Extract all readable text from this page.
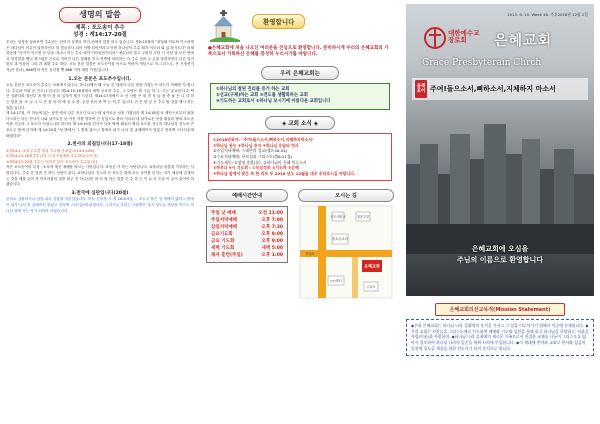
생명의 말씀
제목 : 포도송이 추수
성경 : 계14:17-20절
우리는 성경을 살펴보면 추수라는 단어가 성경의 여러 곳에서 말씀 하고 있습니다. 창5:23절에 "첫열매 이로써 이스라엘은 하나님이 이같이 말씀하신다 말 법들한다 되어 이방 디아이라고 이런 하나님이 추수 때가 이르러 와 있 하시도다" 마태복음에 "곡식이 익으면 곧 낫을 대나니 이는 추수 때가 이르렀음이니라" 예수님의 말고 주변한 사람 시 사람 날 모든 면에서 성경말을 했던 영스럽은 곤소로 이어진 다른 열매를 이고 전병에 의미하는 각 추수 준비 등 손를 말씀하신다 다른 일이 맛보 과 익음의 그라 과 데를 추수 하다. 오늘 본문 말씀은 포도송이를 익으로 먹어야 개념으로 적-그리스도, 큰 거짓선지자(큰 음녀), 666명의 적은 음녀를 쫓 666 기하 계를 가진(입니다.
1.오는 본문은 포도추수입니다.
오늘 본문은 포도송이 추수는 보좌게시입니다. 하나님께서 왜 오늘 본 걸에서 다른 항을 거쳤는가 하는가 이해를 지 합니다. 추수의 이뤄 준 곤고나 입니다. 계14:15-16절에서 핍박 공포의 추수, 그 모양은 흰 구름 하 그. 추는 공교의 다수 떡 큰 심판다라 장신부 을 명 어 장 의 입각이 제시 드린다. 계14:17절에서 오 신 사람 큰 대 천 사 들 장 중 날 은 니 다 하 는 성전 을. 포 나 그 도 큰 을 의 어 예 성 수 를. 공경 신의 중 여 는 의 추 입니다. 큰 인 면 앞 은 추수 할 것을 제시 하는 말씀 입니다.
계 14:17절, 이 하늘에 있는 성전 에서 다른 천사가 나오는데 날카로운 낫을 가졌더라 계 14:18절 또 제단으로부터 불을 다스리는 다른 천사가 나와 날카로운 낫 가진 자를 향하여 큰 음성으로 불러 이르되 네 날카로운 낫을 휘둘러 땅의 포도송이를 거두라 그 포도가 익었느니라 하더라 계 14:19절 천사가 낫을 땅에 휘둘러 땅의 포도를 거두어 하나님의 진노의 큰 포도주 틀에 던지매 계 14:20절 "성 밖에서 그 틀을 밟으니 틀에서 피가 나서 말 굴레에까지 닿았고 천육백 스다디온에 퍼졌더라"
2.천사의 외침있니다(17-18절)
①계14:1 -5절 추수한 결과 추수할 가치었고(14:4,100).
②계14:13-16절추수입하 니 알곡열매를 추수하고(오곡자).
③계14:17-20절-추수는 익어진 알곡 포도송이 추수입니다.
적은 포도송이의 특징 - ①모여 계신 예배를 따르는 사람입니다. ②성공 가 하는 사람입니다. ③하나님 말씀을 거부하는 사람입니다. 추수 은 말씀 가 하는 사람이 된다. ④하나님의 진노의 큰 포도주 틀에 포도 송이를 던지는 자가 세상에 존재하는 것을 예를 들어 하 아브라함의 말씀 원주 전 하나님의 참 지 정 하는 말씀 추 수 하 는 이 들 의 모습 이 들이 있어야 하겠습니다.
3.천국에 심판입니다(20절)
공의로 심판하시나 엄청 피의 강물을 하신일입니다. 하늘 선지자 시 계 16:8-9절 ... 포도주 틀은 성 밖에서 밟히니 틀에서 피가 나서 말 굴레까지 닿았고 천육백 스다디온에 퍼졌더라. 그러므로 우리는 구원받은 알곡 성도로 세상을 이기고 하나님 앞에 서는 자가 되어야 하겠습니다.
환영합니다
●은혜교회에 처음 나오신 여러분을 진심으로 환영합니다. 준비하시게 우리의 은혜교회의 가족으로서 거룩하신 은혜를 풍성히 누리시기를 바랍니다.
우리 은혜교회는
①하나님의 참된 진리를 증거 하는 교회
②선교(구제)하는 교회 ③전도를 생활화하는 교회
④기도하는 교회로서 ⑤하나님 보시기에 아름다운 교회입니다
◈ 교회 소식 ◈
①2018년표어: "주여!돌으소서,뼈하소서,지체하지마소서"
②하나님 권능 ③하나님 증거 ④하나님 응답의 역사
②주일저녁예배: 스데반의 설교(행7:40-44)
③수요저녁예배: 부르심과 그리스도(엡6:21절)
④기도제목: ①생명 총환(몸), ②하나님의 은혜 이루소서
⑤하루나 9시 기도회 : ①모임정보 ②기도하 ③은혜
⑥하나님 앞에서 맞은 목 한 리포 부 2018 년도 12월을 대우 주의로시길 바랍니다.
예배시간안내
주일 낮 예배	오전 11:00
주일저녁예배	오후 7:00
삼일저녁예배	오후 7:30
금요기도회	오후 9:00
금요 기도회	오후 9:00
새벽 기도회	새벽 5:00
제자 훈련(주일)	오후 1:00
오시는 길
사도대학교	정몽주맛
솔로몬교회
은혜교회
○○센터
진위로
주유소
2013. 6. 10. Week 48. 주후2018년 12월 2일
대한예수교
장로회	은혜교회
Grace Presbyterain Chrch
올해표어 주여!돌으소서,뼈하소서,지체하지 마소서
은혜교회에 오심을
주님의 이름으로 환영합니다
은혜교회의선교목적(Mission Statement)
◆우리 은혜교회는 하나님 나라 성취에의 목적을 가지고 그 일을 이루어가기 위해서 이곳에 존재합니다. ◆우리 교회는 사람들을 그리스도께로 인도하여 예배와 기도와 성찬을 통해 하고 하나님을 사랑하고, 이웃을 사랑(이웃)과 사랑하며. ◆하나님 나라 성취에의 세로운 가족으로서 친절한 교제를 나누며 그리스도를 닮아가 성숙하여 하나님 나라의 일꾼을 세워 사역에 투입합니다. ◆이 세대에 전략과 교회로 봉사와 섬김의 실천에 성도들 세상을 향한 전도자가 되어 목적으로 합니다.
